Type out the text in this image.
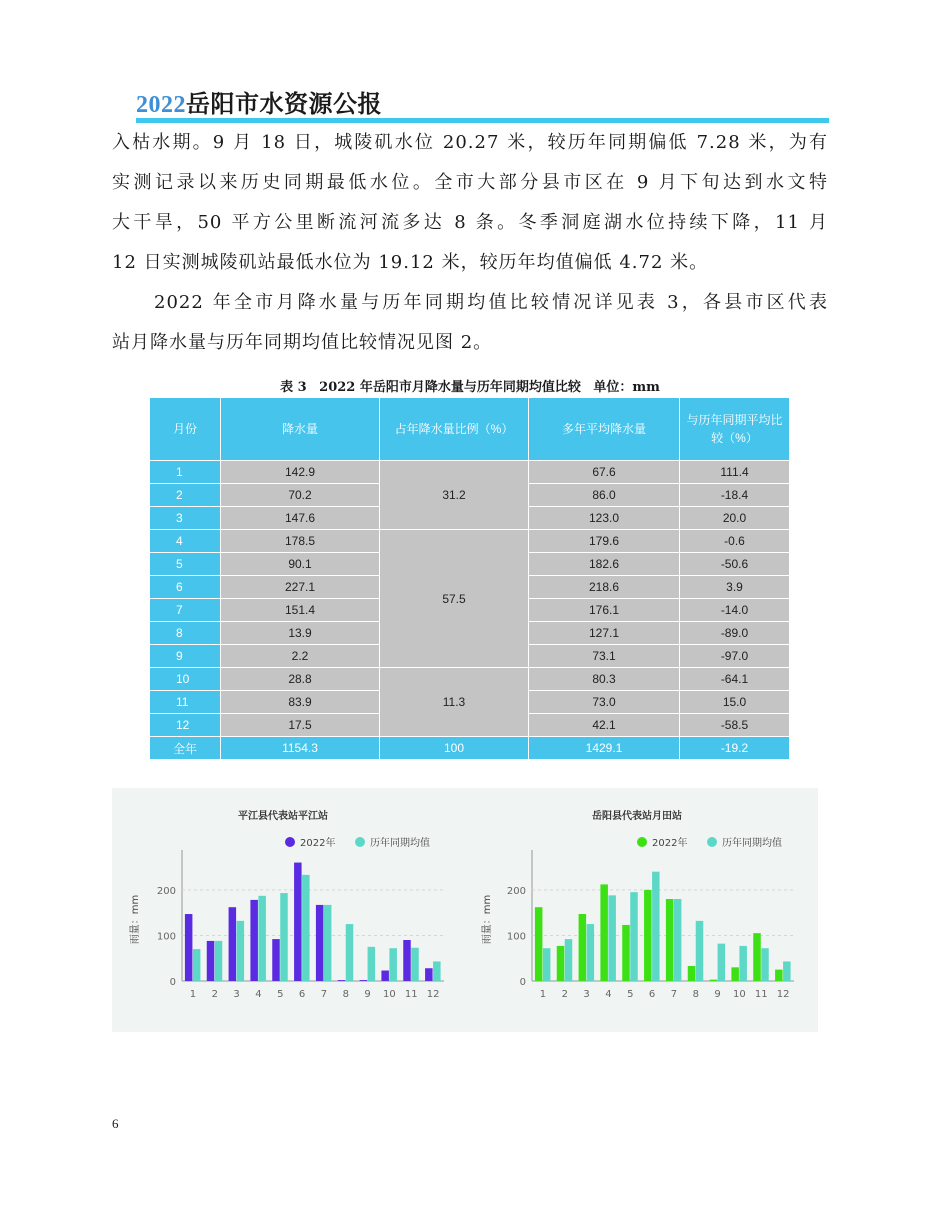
2022岳阳市水资源公报
入枯水期。9 月 18 日，城陵矶水位 20.27 米，较历年同期偏低 7.28 米，为有
实测记录以来历史同期最低水位。全市大部分县市区在 9 月下旬达到水文特
大干旱，50 平方公里断流河流多达 8 条。冬季洞庭湖水位持续下降，11 月
12 日实测城陵矶站最低水位为 19.12 米，较历年均值偏低 4.72 米。
2022 年全市月降水量与历年同期均值比较情况详见表 3，各县市区代表
站月降水量与历年同期均值比较情况见图 2。
表 3 2022 年岳阳市月降水量与历年同期均值比较 单位：mm
月份	降水量	占年降水量比例（%）	多年平均降水量	与历年同期平均比较（%）
1	142.9	31.2	67.6	111.4
2	70.2		86.0	-18.4
3	147.6		123.0	20.0
4	178.5	57.5	179.6	-0.6
5	90.1		182.6	-50.6
6	227.1		218.6	3.9
7	151.4		176.1	-14.0
8	13.9		127.1	-89.0
9	2.2		73.1	-97.0
10	28.8	11.3	80.3	-64.1
11	83.9		73.0	15.0
12	17.5		42.1	-58.5
全年	1154.3	100	1429.1	-19.2
平江县代表站平江站
2022年	历年同期均值
0
100
200
雨量：mm
1 2 3 4 5 6 7 8 9 10 11 12
岳阳县代表站月田站
2022年	历年同期均值
0
100
200
雨量：mm
1 2 3 4 5 6 7 8 9 10 11 12
6
